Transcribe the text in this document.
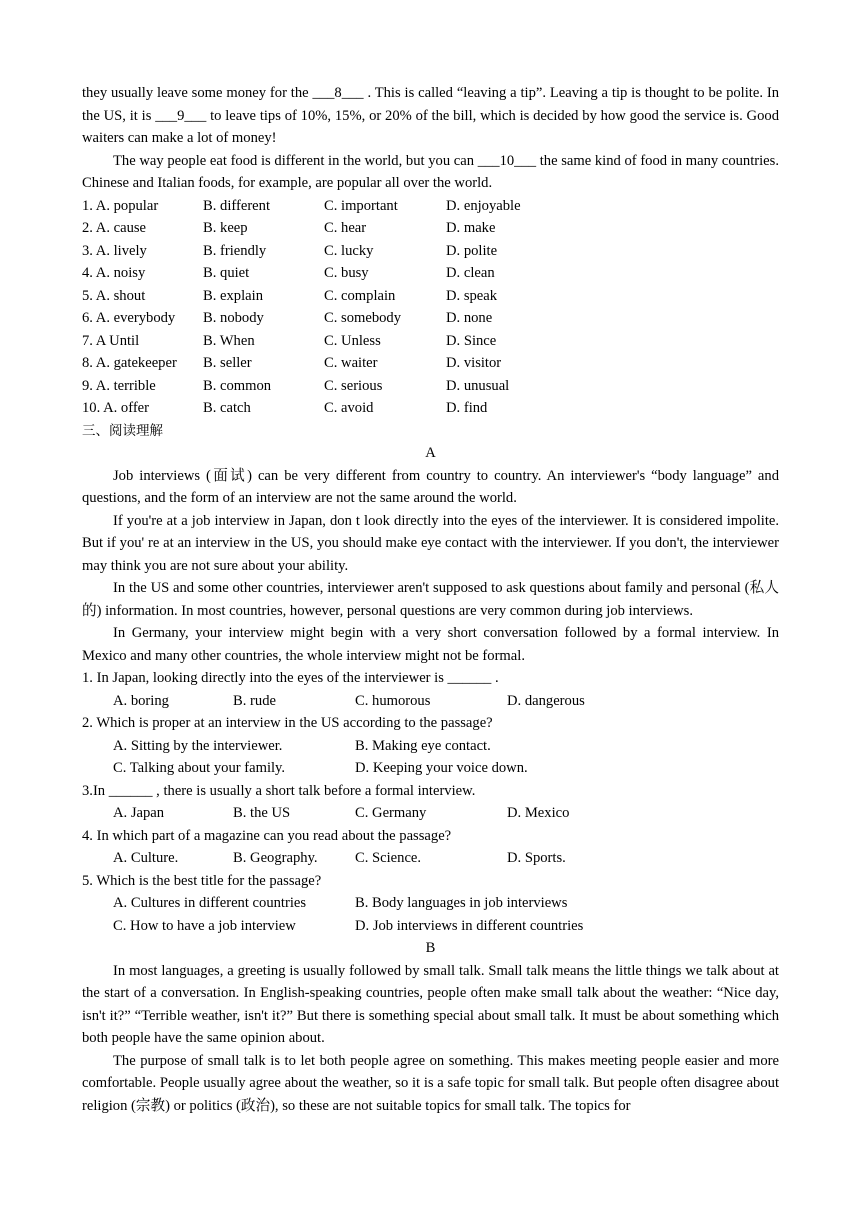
they usually leave some money for the ___8___ . This is called “leaving a tip”. Leaving a tip is thought to be polite. In the US, it is ___9___ to leave tips of 10%, 15%, or 20% of the bill, which is decided by how good the service is. Good waiters can make a lot of money!

The way people eat food is different in the world, but you can ___10___ the same kind of food in many countries. Chinese and Italian foods, for example, are popular all over the world.

1. A. popular	B. different	C. important	D. enjoyable
2. A. cause	B. keep	C. hear	D. make
3. A. lively	B. friendly	C. lucky	D. polite
4. A. noisy	B. quiet	C. busy	D. clean
5. A. shout	B. explain	C. complain	D. speak
6. A. everybody B. nobody	C. somebody	D. none
7. A Until	B. When	C. Unless	D. Since
8. A. gatekeeper B. seller	C. waiter	D. visitor
9. A. terrible	B. common	C. serious	D. unusual
10. A. offer	B. catch	C. avoid	D. find

三、阅读理解

A

Job interviews (面试) can be very different from country to country. An interviewer's “body language” and questions, and the form of an interview are not the same around the world.

If you're at a job interview in Japan, don t look directly into the eyes of the interviewer. It is considered impolite. But if you' re at an interview in the US, you should make eye contact with the interviewer. If you don't, the interviewer may think you are not sure about your ability.

In the US and some other countries, interviewer aren't supposed to ask questions about family and personal (私人的) information. In most countries, however, personal questions are very common during job interviews.

In Germany, your interview might begin with a very short conversation followed by a formal interview. In Mexico and many other countries, the whole interview might not be formal.

1. In Japan, looking directly into the eyes of the interviewer is ______ .

A. boring	B. rude	C. humorous	D. dangerous

2. Which is proper at an interview in the US according to the passage?

A. Sitting by the interviewer.	B. Making eye contact.
C. Talking about your family.	D. Keeping your voice down.

3.In ______ , there is usually a short talk before a formal interview.

A. Japan	B. the US	C. Germany	D. Mexico

4. In which part of a magazine can you read about the passage?

A. Culture.	B. Geography.	C. Science.	D. Sports.

5. Which is the best title for the passage?

A. Cultures in different countries	B. Body languages in job interviews
C. How to have a job interview	D. Job interviews in different countries

B

In most languages, a greeting is usually followed by small talk. Small talk means the little things we talk about at the start of a conversation. In English-speaking countries, people often make small talk about the weather: “Nice day, isn't it?” “Terrible weather, isn't it?” But there is something special about small talk. It must be about something which both people have the same opinion about.

The purpose of small talk is to let both people agree on something. This makes meeting people easier and more comfortable. People usually agree about the weather, so it is a safe topic for small talk. But people often disagree about religion (宗教) or politics (政治), so these are not suitable topics for small talk. The topics for
